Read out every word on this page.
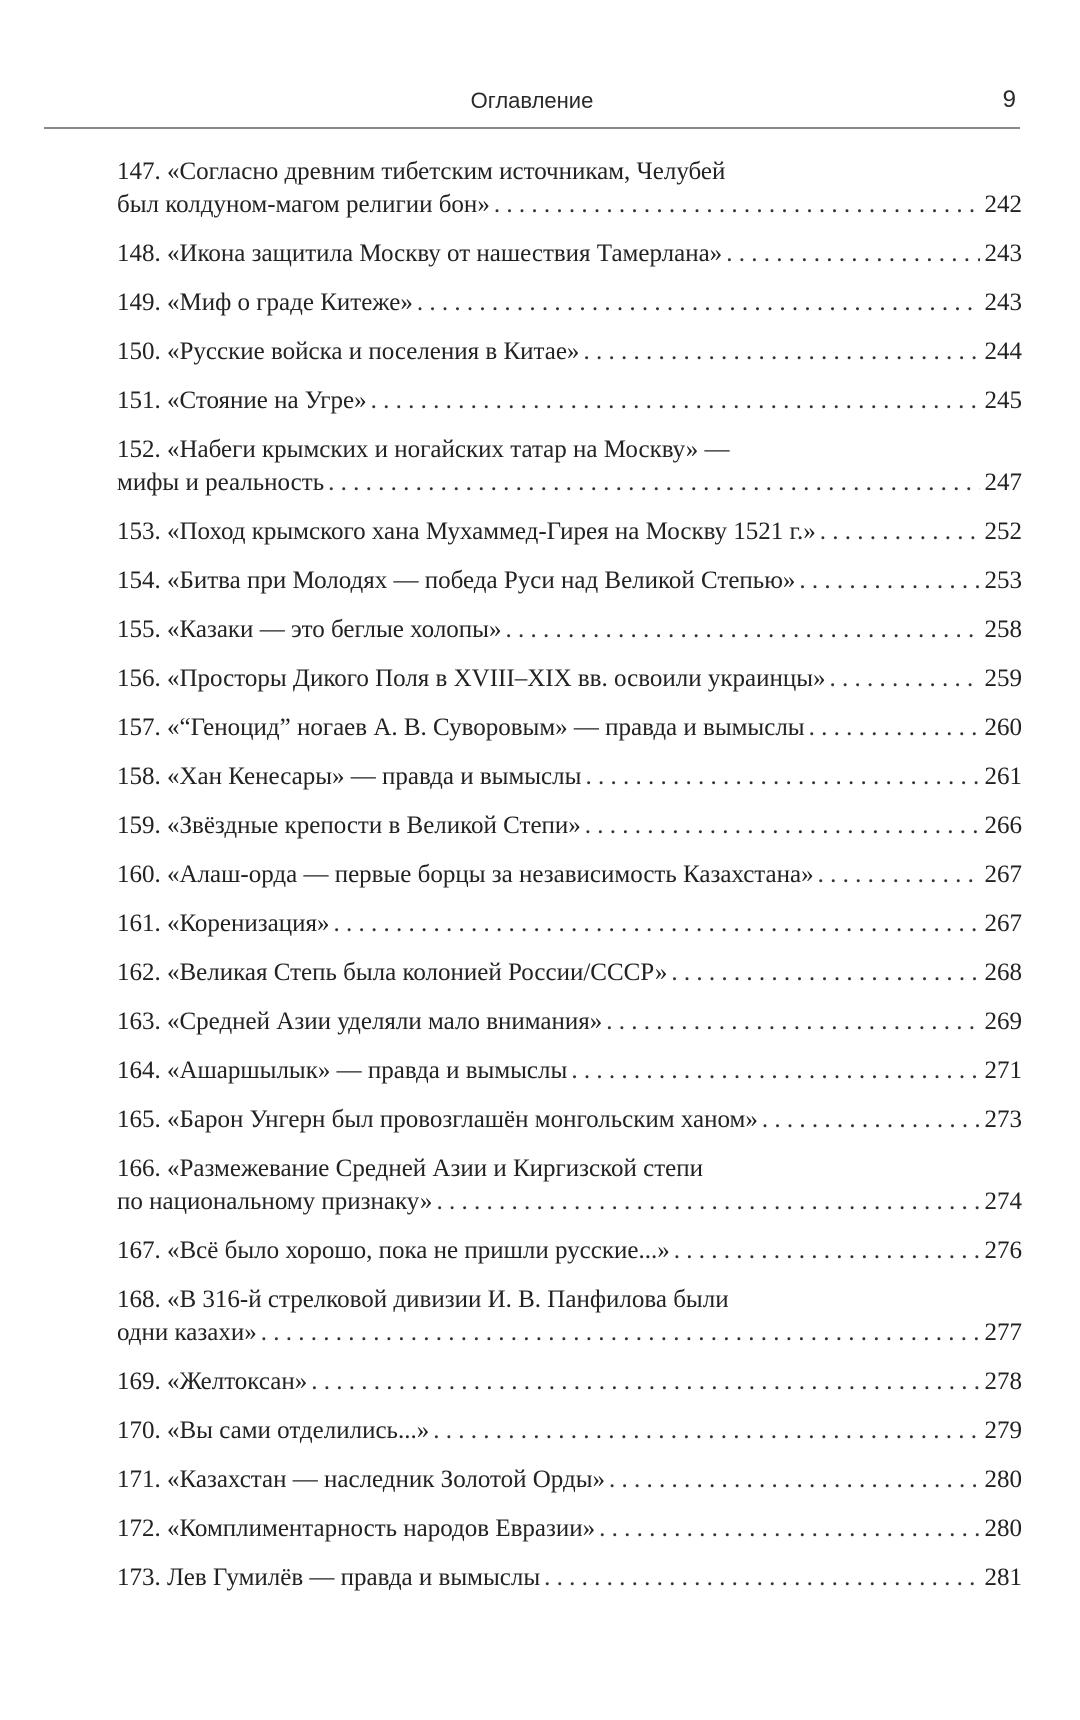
Оглавление	9
147. «Согласно древним тибетским источникам, Челубей
был колдуном-магом религии бон» . . .	242
148. «Икона защитила Москву от нашествия Тамерлана» . . .	243
149. «Миф о граде Китеже» . . .	243
150. «Русские войска и поселения в Китае» . . .	244
151. «Стояние на Угре» . . .	245
152. «Набеги крымских и ногайских татар на Москву» —
мифы и реальность . . .	247
153. «Поход крымского хана Мухаммед-Гирея на Москву 1521 г.» . . .	252
154. «Битва при Молодях — победа Руси над Великой Степью» . . .	253
155. «Казаки — это беглые холопы» . . .	258
156. «Просторы Дикого Поля в XVIII–XIX вв. освоили украинцы» . . .	259
157. «“Геноцид” ногаев А. В. Суворовым» — правда и вымыслы . . .	260
158. «Хан Кенесары» — правда и вымыслы . . .	261
159. «Звёздные крепости в Великой Степи» . . .	266
160. «Алаш-орда — первые борцы за независимость Казахстана» . . .	267
161. «Коренизация» . . .	267
162. «Великая Степь была колонией России/СССР» . . .	268
163. «Средней Азии уделяли мало внимания» . . .	269
164. «Ашаршылык» — правда и вымыслы . . .	271
165. «Барон Унгерн был провозглашён монгольским ханом» . . .	273
166. «Размежевание Средней Азии и Киргизской степи
по национальному признаку» . . .	274
167. «Всё было хорошо, пока не пришли русские...» . . .	276
168. «В 316-й стрелковой дивизии И. В. Панфилова были
одни казахи» . . .	277
169. «Желтоксан» . . .	278
170. «Вы сами отделились...» . . .	279
171. «Казахстан — наследник Золотой Орды» . . .	280
172. «Комплиментарность народов Евразии» . . .	280
173. Лев Гумилёв — правда и вымыслы . . .	281
